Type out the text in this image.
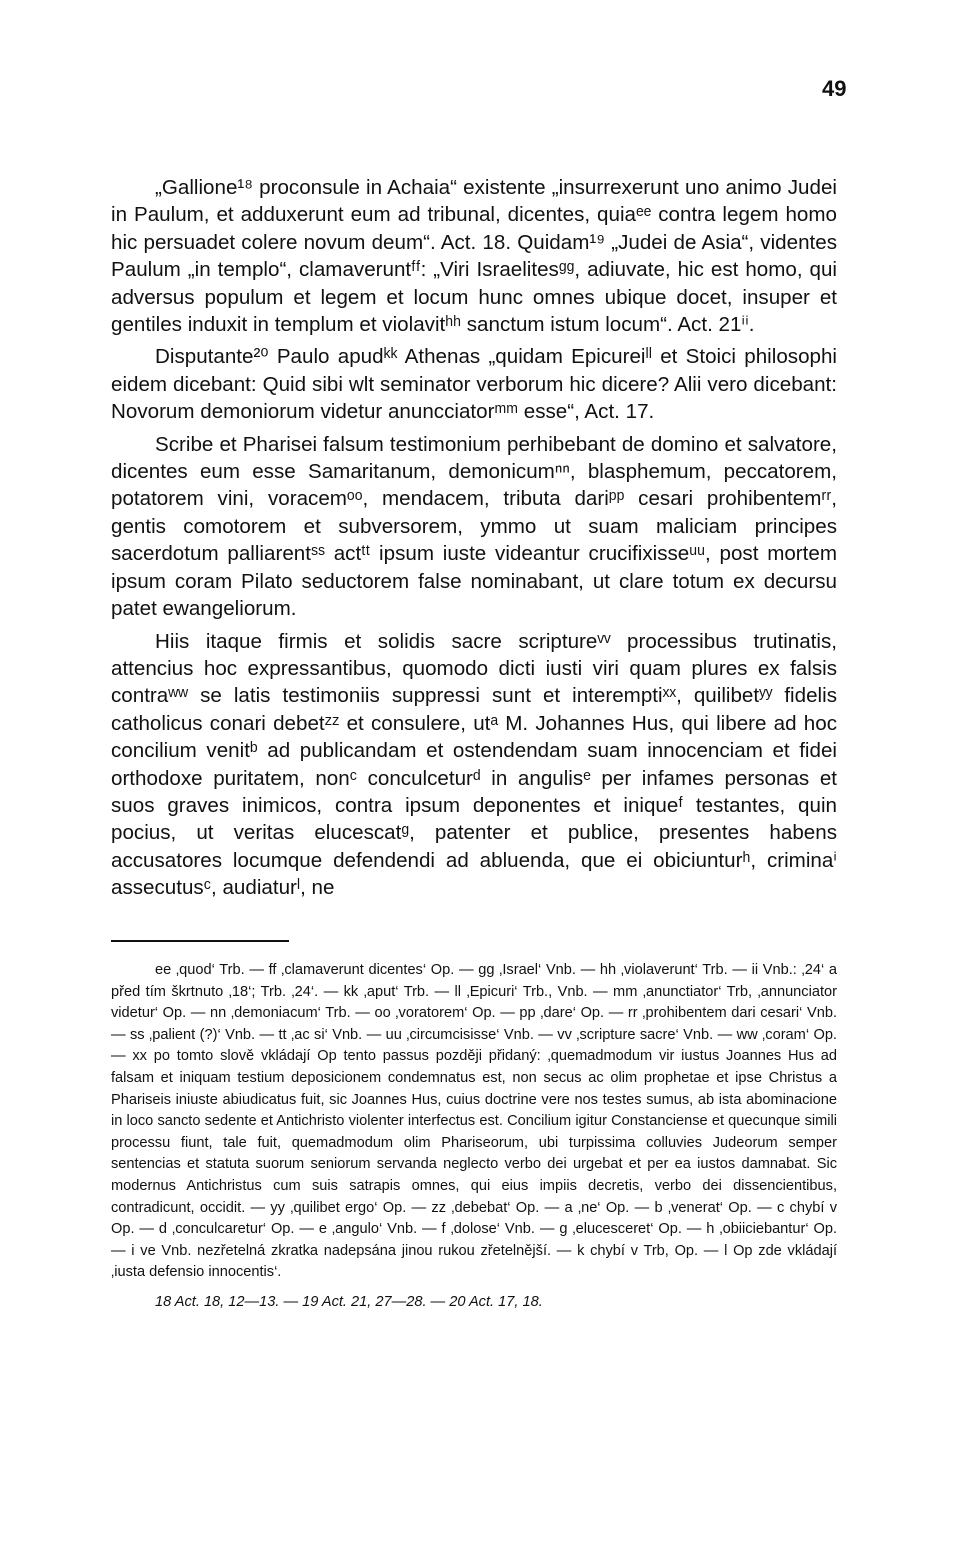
49

„Gallione¹⁸ proconsule in Achaia“ existente „insurrexerunt uno animo Judei in Paulum, et adduxerunt eum ad tribunal, dicentes, quiaᵉᵉ contra legem homo hic persuadet colere novum deum“. Act. 18. Quidam¹⁹ „Judei de Asia“, videntes Paulum „in templo“, clamaveruntᶠᶠ: „Viri Israelitesᵍᵍ, adiuvate, hic est homo, qui adversus populum et legem et locum hunc omnes ubique docet, insuper et gentiles induxit in templum et violavitʰʰ sanctum istum locum“. Act. 21ⁱⁱ.

Disputante²⁰ Paulo apudᵏᵏ Athenas „quidam Epicureiˡˡ et Stoici philosophi eidem dicebant: Quid sibi wlt seminator verborum hic dicere? Alii vero dicebant: Novorum demoniorum videtur anuncciatorᵐᵐ esse“, Act. 17.

Scribe et Pharisei falsum testimonium perhibebant de domino et salvatore, dicentes eum esse Samaritanum, demonicumⁿⁿ, blasphemum, peccatorem, potatorem vini, voracemᵒᵒ, mendacem, tributa dariᵖᵖ cesari prohibentemʳʳ, gentis comotorem et subversorem, ymmo ut suam maliciam principes sacerdotum palliarentˢˢ actᵗᵗ ipsum iuste videantur crucifixisseᵘᵘ, post mortem ipsum coram Pilato seductorem false nominabant, ut clare totum ex decursu patet ewangeliorum.

Hiis itaque firmis et solidis sacre scriptureᵛᵛ processibus trutinatis, attencius hoc expressantibus, quomodo dicti iusti viri quam plures ex falsis contraʷʷ se latis testimoniis suppressi sunt et interemptiˣˣ, quilibetʸʸ fidelis catholicus conari debetᶻᶻ et consulere, utᵃ M. Johannes Hus, qui libere ad hoc concilium venitᵇ ad publicandam et ostendendam suam innocenciam et fidei orthodoxe puritatem, nonᶜ conculceturᵈ in angulisᵉ per infames personas et suos graves inimicos, contra ipsum deponentes et iniqueᶠ testantes, quin pocius, ut veritas elucescatᵍ, patenter et publice, presentes habens accusatores locumque defendendi ad abluenda, que ei obiciunturʰ, criminaⁱ assecutusᶜ, audiaturˡ, ne

ee ‚quod‘ Trb. — ff ‚clamaverunt dicentes‘ Op. — gg ‚Israel‘ Vnb. — hh ‚violaverunt‘ Trb. — ii Vnb.: ‚24‘ a před tím škrtnuto ‚18‘; Trb. ‚24‘. — kk ‚aput‘ Trb. — ll ‚Epicuri‘ Trb., Vnb. — mm ‚anunctiator‘ Trb, ‚annunciator videtur‘ Op. — nn ‚demoniacum‘ Trb. — oo ‚voratorem‘ Op. — pp ‚dare‘ Op. — rr ‚prohibentem dari cesari‘ Vnb. — ss ‚palient (?)‘ Vnb. — tt ‚ac si‘ Vnb. — uu ‚circumcisisse‘ Vnb. — vv ‚scripture sacre‘ Vnb. — ww ‚coram‘ Op. — xx po tomto slově vkládají Op tento passus později přidaný: ‚quemadmodum vir iustus Joannes Hus ad falsam et iniquam testium deposicionem condemnatus est, non secus ac olim prophetae et ipse Christus a Phariseis iniuste abiudicatus fuit, sic Joannes Hus, cuius doctrine vere nos testes sumus, ab ista abominacione in loco sancto sedente et Antichristo violenter interfectus est. Concilium igitur Constanciense et quecunque simili processu fiunt, tale fuit, quemadmodum olim Phariseorum, ubi turpissima colluvies Judeorum semper sentencias et statuta suorum seniorum servanda neglecto verbo dei urgebat et per ea iustos damnabat. Sic modernus Antichristus cum suis satrapis omnes, qui eius impiis decretis, verbo dei dissencientibus, contradicunt, occidit. — yy ‚quilibet ergo‘ Op. — zz ‚debebat‘ Op. — a ‚ne‘ Op. — b ‚venerat‘ Op. — c chybí v Op. — d ‚conculcaretur‘ Op. — e ‚angulo‘ Vnb. — f ‚dolose‘ Vnb. — g ‚elucesceret‘ Op. — h ‚obiiciebantur‘ Op. — i ve Vnb. nezřetelná zkratka nadepsána jinou rukou zřetelnější. — k chybí v Trb, Op. — l Op zde vkládají ‚iusta defensio innocentis‘.

18 Act. 18, 12—13. — 19 Act. 21, 27—28. — 20 Act. 17, 18.
